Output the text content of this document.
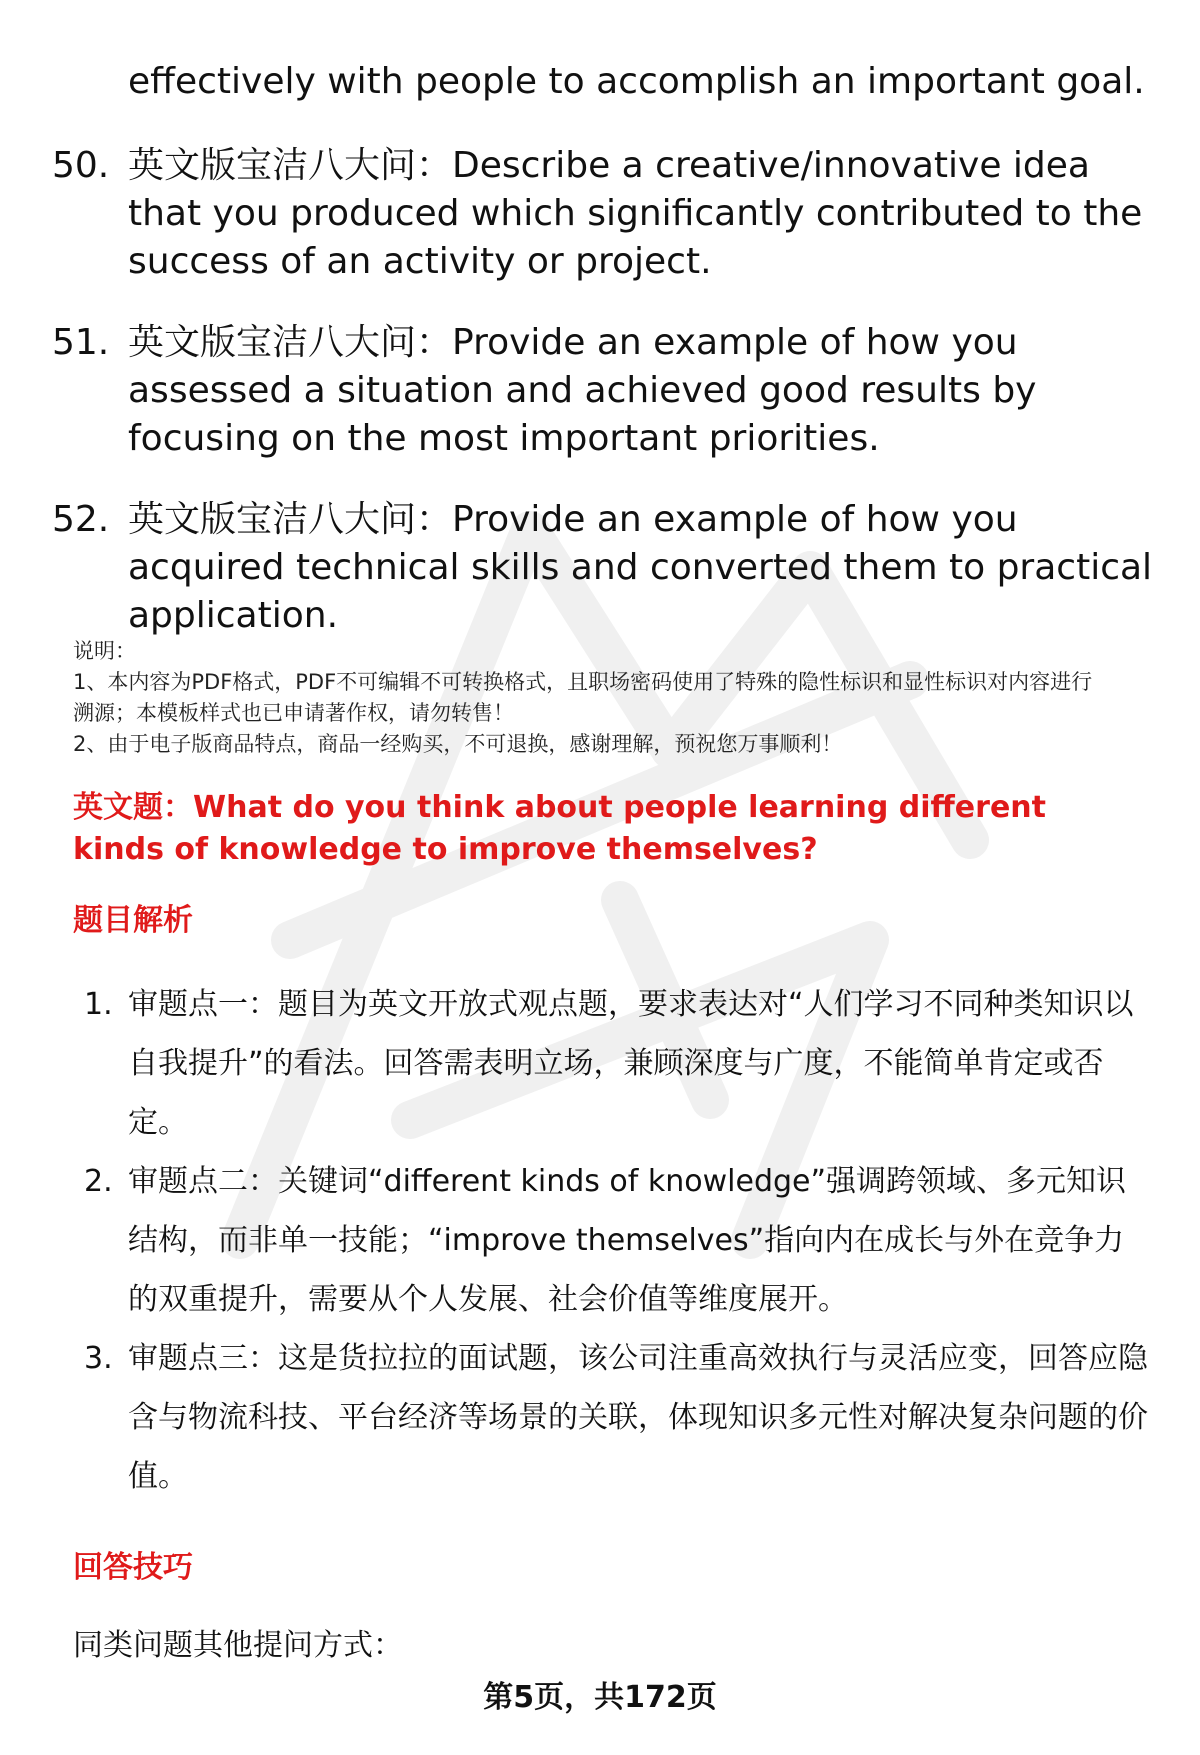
effectively with people to accomplish an important goal.
50. 英文版宝洁八大问：Describe a creative/innovative idea that you produced which significantly contributed to the success of an activity or project.
51. 英文版宝洁八大问：Provide an example of how you assessed a situation and achieved good results by focusing on the most important priorities.
52. 英文版宝洁八大问：Provide an example of how you acquired technical skills and converted them to practical application.
说明：
1、本内容为PDF格式，PDF不可编辑不可转换格式，且职场密码使用了特殊的隐性标识和显性标识对内容进行
溯源；本模板样式也已申请著作权，请勿转售！
2、由于电子版商品特点，商品一经购买，不可退换，感谢理解，预祝您万事顺利！
英文题：What do you think about people learning different kinds of knowledge to improve themselves?
题目解析
1. 审题点一：题目为英文开放式观点题，要求表达对“人们学习不同种类知识以自我提升”的看法。回答需表明立场，兼顾深度与广度，不能简单肯定或否定。
2. 审题点二：关键词“different kinds of knowledge”强调跨领域、多元知识结构，而非单一技能；“improve themselves”指向内在成长与外在竞争力的双重提升，需要从个人发展、社会价值等维度展开。
3. 审题点三：这是货拉拉的面试题，该公司注重高效执行与灵活应变，回答应隐含与物流科技、平台经济等场景的关联，体现知识多元性对解决复杂问题的价值。
回答技巧
同类问题其他提问方式：
第5页，共172页
